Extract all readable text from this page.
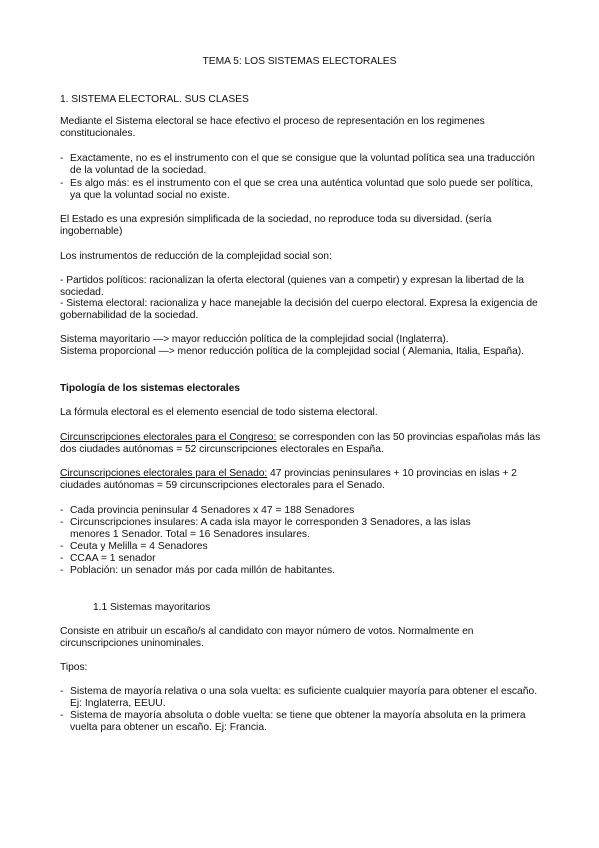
TEMA 5: LOS SISTEMAS ELECTORALES
1. SISTEMA ELECTORAL. SUS CLASES
Mediante el Sistema electoral se hace efectivo el proceso de representación en los regimenes constitucionales.
- Exactamente, no es el instrumento con el que se consigue que la voluntad política sea una traducción de la voluntad de la sociedad.
- Es algo más: es el instrumento con el que se crea una auténtica voluntad que solo puede ser política, ya que la voluntad social no existe.
El Estado es una expresión simplificada de la sociedad, no reproduce toda su diversidad. (sería ingobernable)
Los instrumentos de reducción de la complejidad social son:
- Partidos políticos: racionalizan la oferta electoral (quienes van a competir) y expresan la libertad de la sociedad.
- Sistema electoral: racionaliza y hace manejable la decisión del cuerpo electoral. Expresa la exigencia de gobernabilidad de la sociedad.
Sistema mayoritario —> mayor reducción política de la complejidad social (Inglaterra).
Sistema proporcional —> menor reducción política de la complejidad social ( Alemania, Italia, España).
Tipología de los sistemas electorales
La fórmula electoral es el elemento esencial de todo sistema electoral.
Circunscripciones electorales para el Congreso: se corresponden con las 50 provincias españolas más las dos ciudades autónomas = 52 circunscripciones electorales en España.
Circunscripciones electorales para el Senado: 47 provincias peninsulares + 10 provincias en islas + 2 ciudades autónomas = 59 circunscripciones electorales para el Senado.
- Cada provincia peninsular 4 Senadores x 47 = 188 Senadores
- Circunscripciones insulares: A cada isla mayor le corresponden 3 Senadores, a las islas menores 1 Senador. Total = 16 Senadores insulares.
- Ceuta y Melilla = 4 Senadores
- CCAA = 1 senador
- Población: un senador más por cada millón de habitantes.
1.1 Sistemas mayoritarios
Consiste en atribuir un escaño/s al candidato con mayor número de votos. Normalmente en circunscripciones uninominales.
Tipos:
- Sistema de mayoría relativa o una sola vuelta: es suficiente cualquier mayoría para obtener el escaño. Ej: Inglaterra, EEUU.
- Sistema de mayoría absoluta o doble vuelta: se tiene que obtener la mayoría absoluta en la primera vuelta para obtener un escaño. Ej: Francia.
